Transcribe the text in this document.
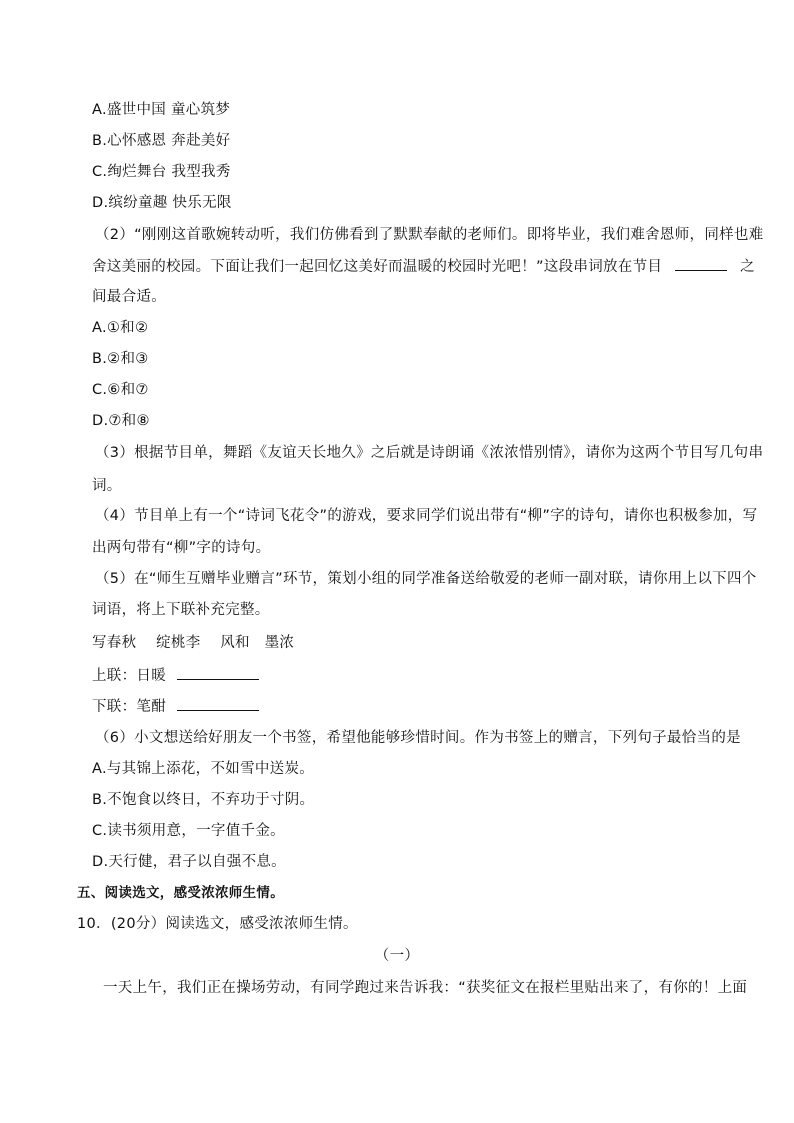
A.盛世中国 童心筑梦
B.心怀感恩 奔赴美好
C.绚烂舞台 我型我秀
D.缤纷童趣 快乐无限
（2）“刚刚这首歌婉转动听，我们仿佛看到了默默奉献的老师们。即将毕业，我们难舍恩师，同样也难
舍这美丽的校园。下面让我们一起回忆这美好而温暖的校园时光吧！”这段串词放在节目	之
间最合适。
A.①和②
B.②和③
C.⑥和⑦
D.⑦和⑧
（3）根据节目单，舞蹈《友谊天长地久》之后就是诗朗诵《浓浓惜别情》，请你为这两个节目写几句串
词。
（4）节目单上有一个“诗词飞花令”的游戏，要求同学们说出带有“柳”字的诗句，请你也积极参加，写
出两句带有“柳”字的诗句。
（5）在“师生互赠毕业赠言”环节，策划小组的同学准备送给敬爱的老师一副对联，请你用上以下四个
词语，将上下联补充完整。
写春秋　 绽桃李　 风和　墨浓
上联：日暖
下联：笔酣
（6）小文想送给好朋友一个书签，希望他能够珍惜时间。作为书签上的赠言，下列句子最恰当的是
A.与其锦上添花，不如雪中送炭。
B.不饱食以终日，不弃功于寸阴。
C.读书须用意，一字值千金。
D.天行健，君子以自强不息。
五、阅读选文，感受浓浓师生情。
10．(20分）阅读选文，感受浓浓师生情。
（一）
一天上午，我们正在操场劳动，有同学跑过来告诉我：“获奖征文在报栏里贴出来了，有你的！上面
